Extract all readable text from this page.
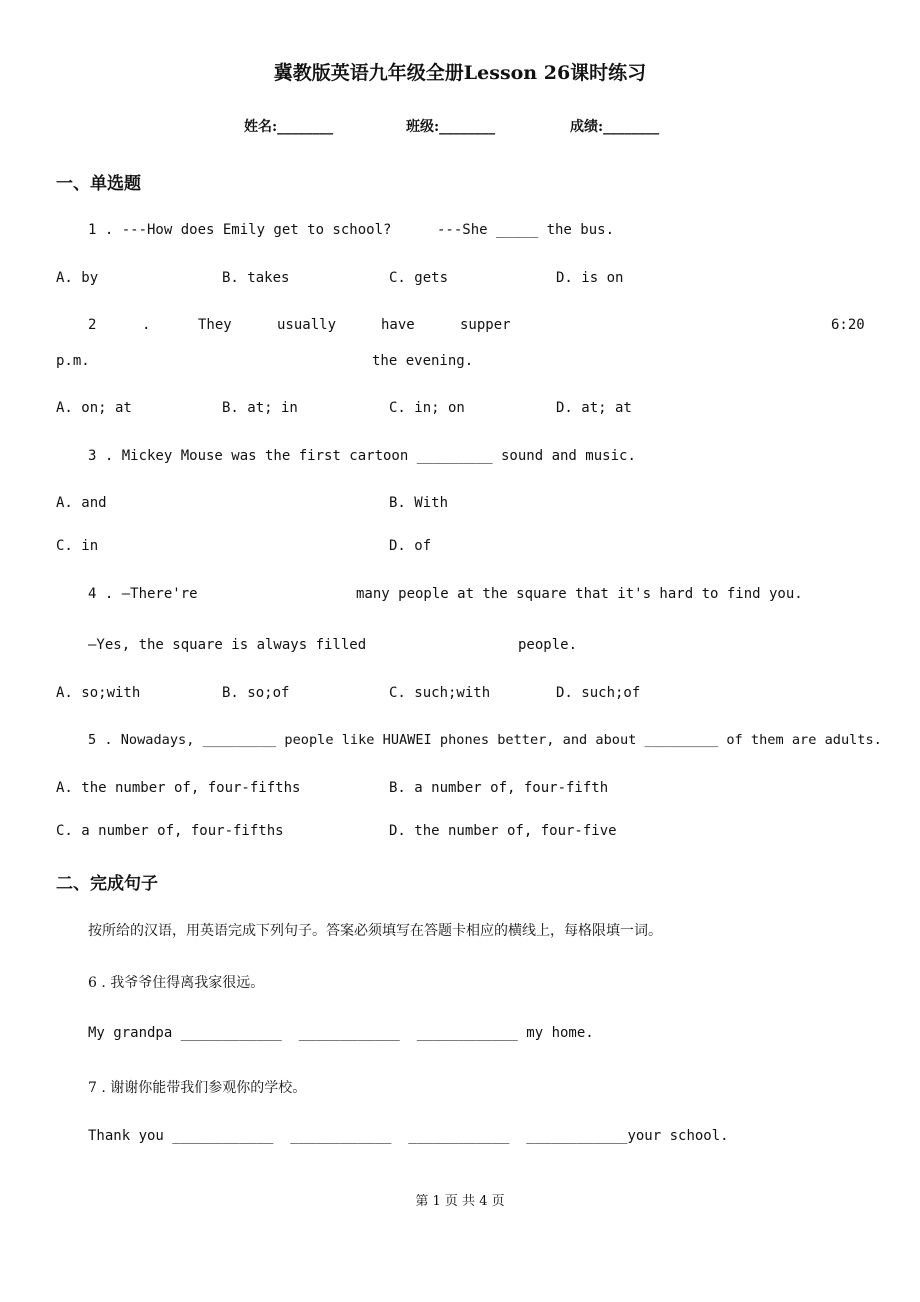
冀教版英语九年级全册Lesson 26课时练习
姓名:________	班级:________	成绩:________
一、单选题
1 . ---How does Emily get to school?	---She _____ the bus.
A. by	B. takes	C. gets	D. is on
2	.	They	usually	have	supper	6:20
p.m.	the evening.
A. on; at	B. at; in	C. in; on	D. at; at
3 . Mickey Mouse was the first cartoon _________ sound and music.
A. and	B. With
C. in	D. of
4 . —There're	many people at the square that it's hard to find you.
—Yes, the square is always filled	people.
A. so;with	B. so;of	C. such;with	D. such;of
5 . Nowadays, _________ people like HUAWEI phones better, and about _________ of them are adults.
A. the number of, four-fifths	B. a number of, four-fifth
C. a number of, four-fifths	D. the number of, four-five
二、完成句子
按所给的汉语，用英语完成下列句子。答案必须填写在答题卡相应的横线上，每格限填一词。
6 . 我爷爷住得离我家很远。
My grandpa ____________  ____________  ____________ my home.
7 . 谢谢你能带我们参观你的学校。
Thank you ____________  ____________  ____________  ____________your school.
第 1 页 共 4 页
